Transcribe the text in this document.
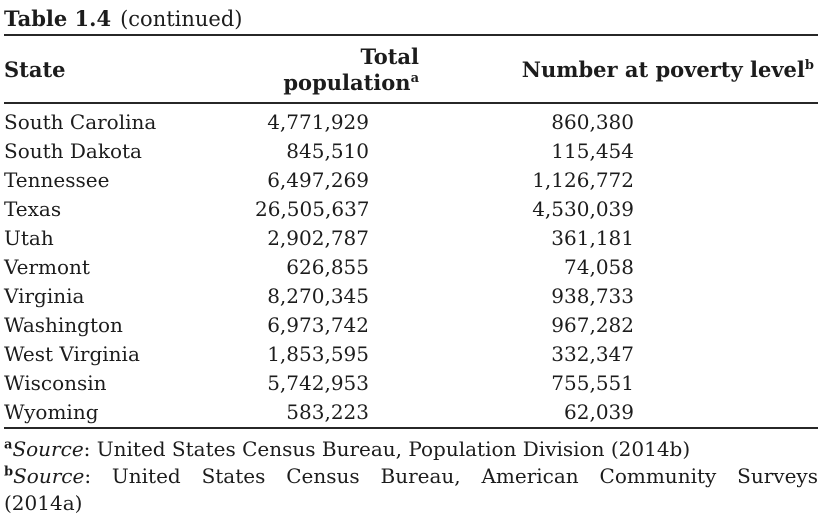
Table 1.4 (continued)
State	Total population$^a$	Number at poverty level$^b$
South Carolina	4,771,929	860,380
South Dakota	845,510	115,454
Tennessee	6,497,269	1,126,772
Texas	26,505,637	4,530,039
Utah	2,902,787	361,181
Vermont	626,855	74,058
Virginia	8,270,345	938,733
Washington	6,973,742	967,282
West Virginia	1,853,595	332,347
Wisconsin	5,742,953	755,551
Wyoming	583,223	62,039
$^a$Source: United States Census Bureau, Population Division (2014b)
$^b$Source: United States Census Bureau, American Community Surveys
(2014a)
